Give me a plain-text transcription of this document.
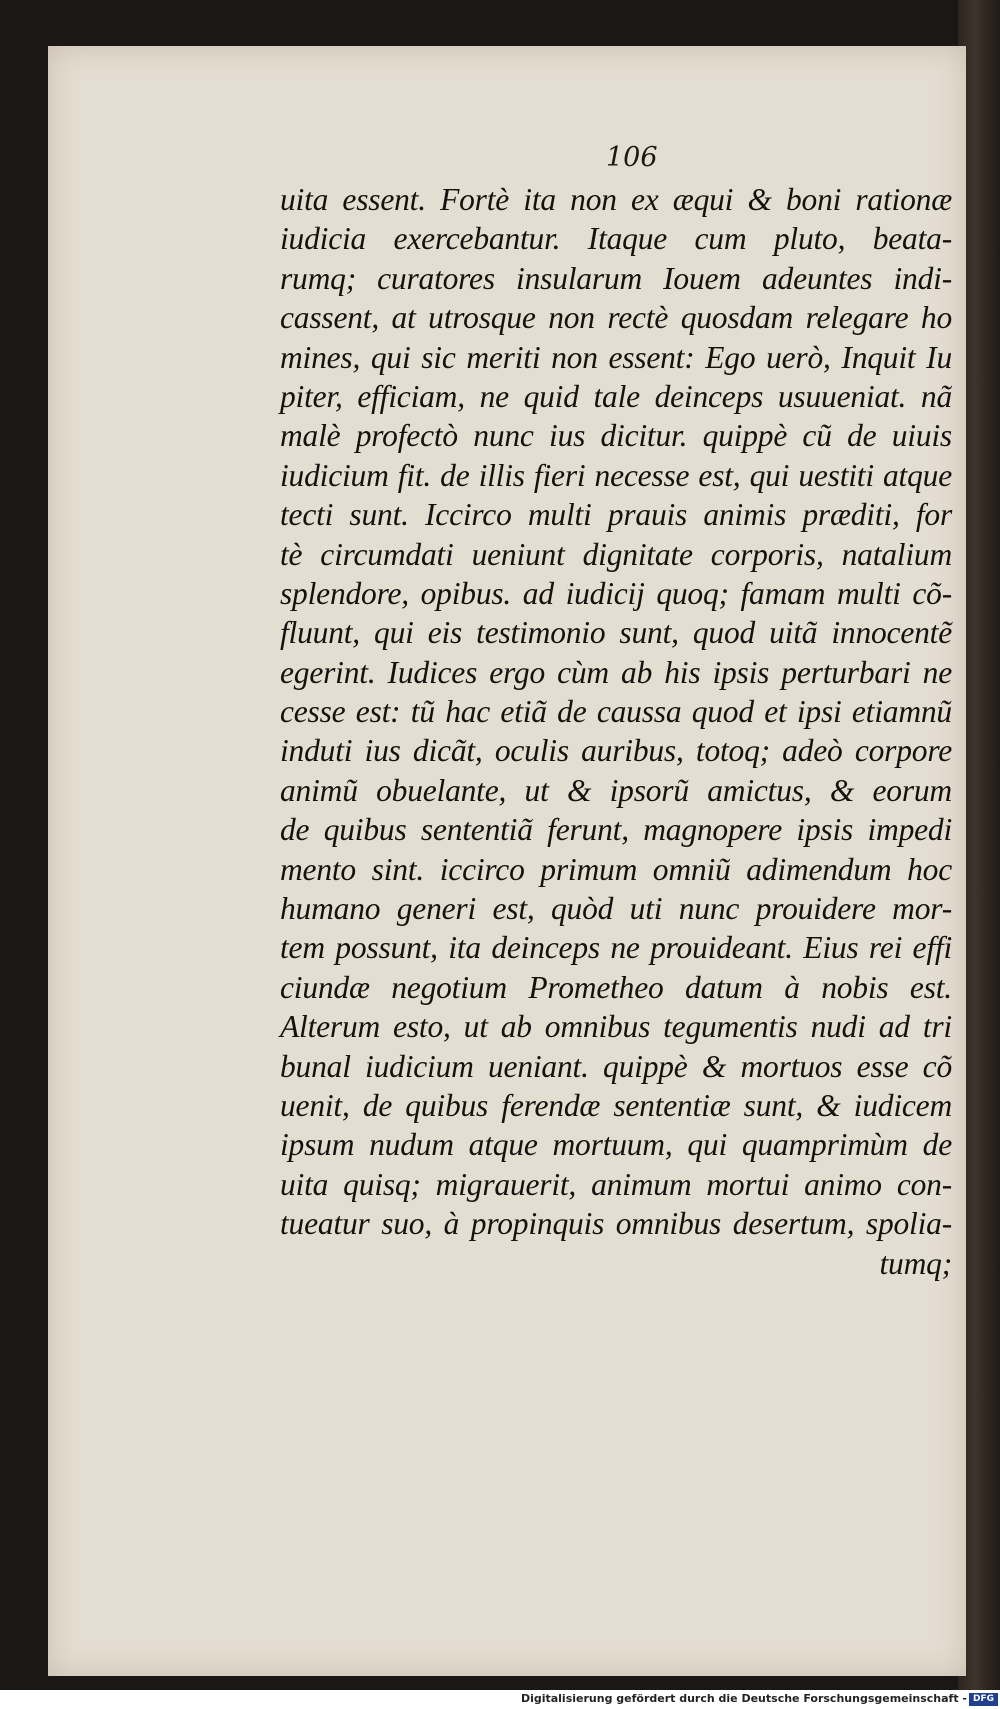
106
uita essent. Fortè ita non ex æqui & boni rationæ
iudicia exercebantur. Itaque cum pluto, beata-
rumq; curatores insularum Iouem adeuntes indi-
cassent, at utrosque non rectè quosdam relegare ho
mines, qui sic meriti non essent: Ego uerò, Inquit Iu
piter, efficiam, ne quid tale deinceps usuueniat. nã
malè profectò nunc ius dicitur. quippè cũ de uiuis
iudicium fit. de illis fieri necesse est, qui uestiti atque
tecti sunt. Iccirco multi prauis animis præditi, for
tè circumdati ueniunt dignitate corporis, natalium
splendore, opibus. ad iudicij quoq; famam multi cõ-
fluunt, qui eis testimonio sunt, quod uitã innocentẽ
egerint. Iudices ergo cùm ab his ipsis perturbari ne
cesse est: tũ hac etiã de caussa quod et ipsi etiamnũ
induti ius dicãt, oculis auribus, totoq; adeò corpore
animũ obuelante, ut & ipsorũ amictus, & eorum
de quibus sententiã ferunt, magnopere ipsis impedi
mento sint. iccirco primum omniũ adimendum hoc
humano generi est, quòd uti nunc prouidere mor-
tem possunt, ita deinceps ne prouideant. Eius rei effi
ciundæ negotium Prometheo datum à nobis est.
Alterum esto, ut ab omnibus tegumentis nudi ad tri
bunal iudicium ueniant. quippè & mortuos esse cõ
uenit, de quibus ferendæ sententiæ sunt, & iudicem
ipsum nudum atque mortuum, qui quamprimùm de
uita quisq; migrauerit, animum mortui animo con-
tueatur suo, à propinquis omnibus desertum, spolia-
tumq;
Digitalisierung gefördert durch die Deutsche Forschungsgemeinschaft - DFG
